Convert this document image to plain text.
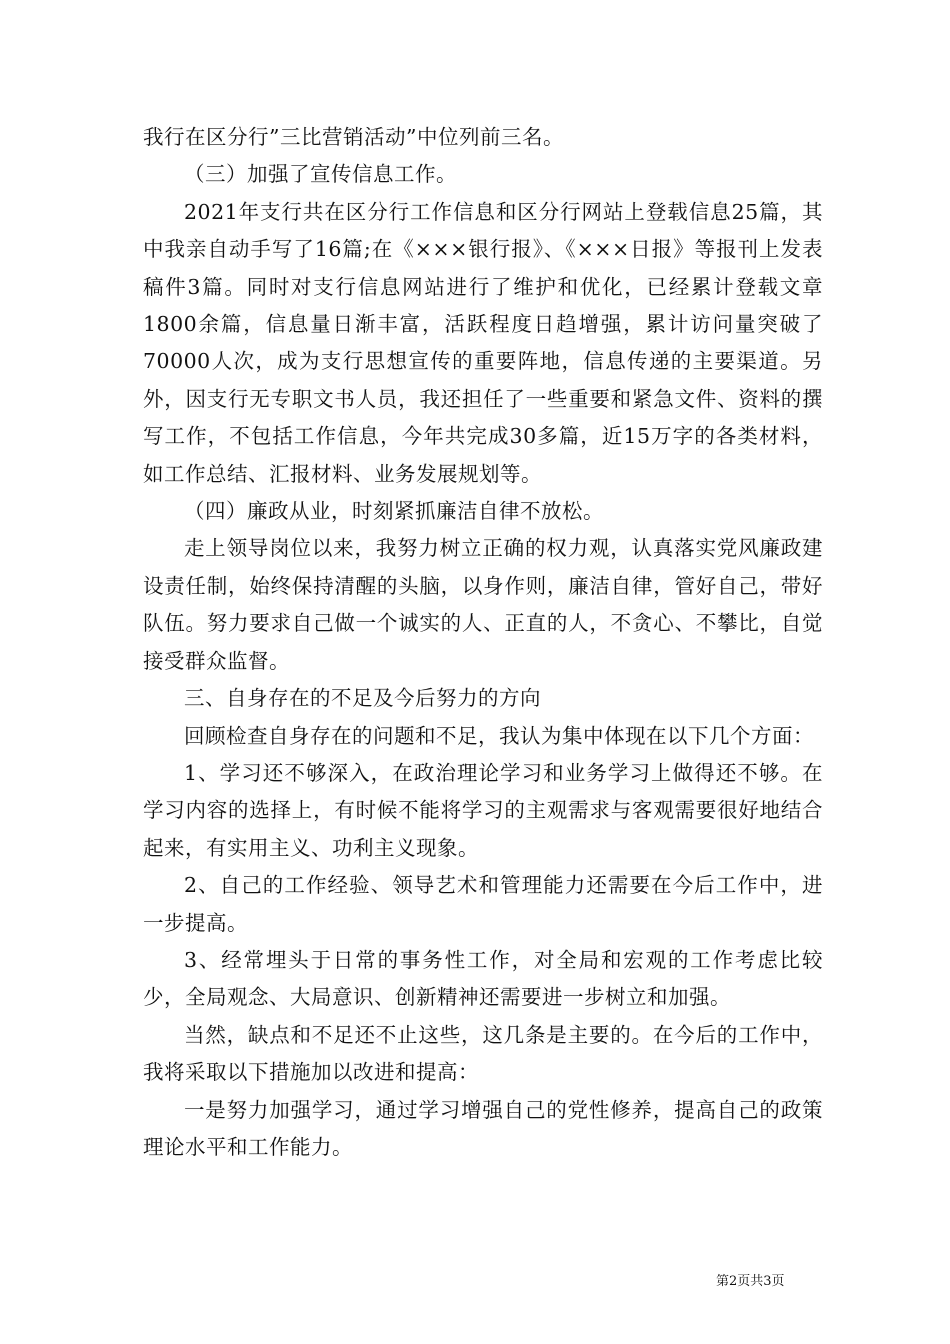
我行在区分行”三比营销活动”中位列前三名。

（三）加强了宣传信息工作。

2021年支行共在区分行工作信息和区分行网站上登载信息25篇，其中我亲自动手写了16篇;在《×××银行报》、《×××日报》等报刊上发表稿件3篇。同时对支行信息网站进行了维护和优化，已经累计登载文章1800余篇，信息量日渐丰富，活跃程度日趋增强，累计访问量突破了70000人次，成为支行思想宣传的重要阵地，信息传递的主要渠道。另外，因支行无专职文书人员，我还担任了一些重要和紧急文件、资料的撰写工作，不包括工作信息，今年共完成30多篇，近15万字的各类材料，如工作总结、汇报材料、业务发展规划等。

（四）廉政从业，时刻紧抓廉洁自律不放松。

走上领导岗位以来，我努力树立正确的权力观，认真落实党风廉政建设责任制，始终保持清醒的头脑，以身作则，廉洁自律，管好自己，带好队伍。努力要求自己做一个诚实的人、正直的人，不贪心、不攀比，自觉接受群众监督。

三、自身存在的不足及今后努力的方向

回顾检查自身存在的问题和不足，我认为集中体现在以下几个方面：

1、学习还不够深入，在政治理论学习和业务学习上做得还不够。在学习内容的选择上，有时候不能将学习的主观需求与客观需要很好地结合起来，有实用主义、功利主义现象。

2、自己的工作经验、领导艺术和管理能力还需要在今后工作中，进一步提高。

3、经常埋头于日常的事务性工作，对全局和宏观的工作考虑比较少，全局观念、大局意识、创新精神还需要进一步树立和加强。

当然，缺点和不足还不止这些，这几条是主要的。在今后的工作中，我将采取以下措施加以改进和提高：

一是努力加强学习，通过学习增强自己的党性修养，提高自己的政策理论水平和工作能力。

第2页共3页
